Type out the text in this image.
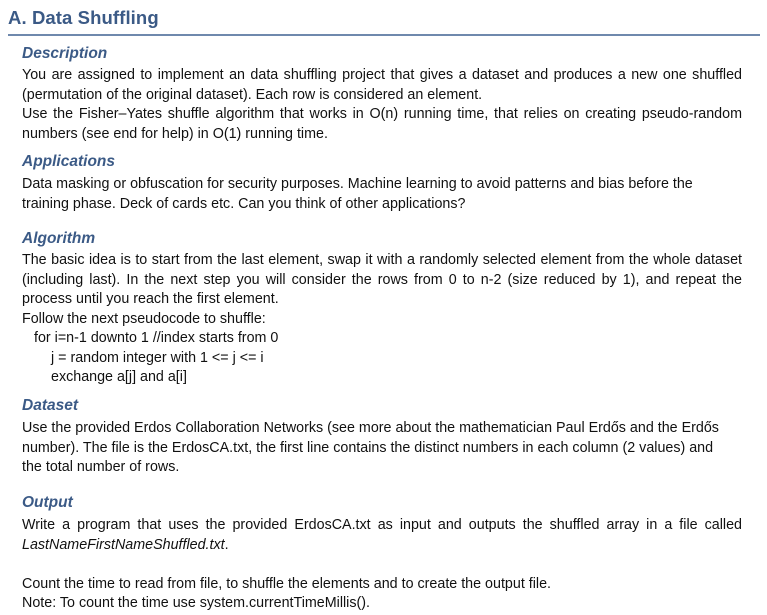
A. Data Shuffling
Description

You are assigned to implement an data shuffling project that gives a dataset and produces a new one shuffled (permutation of the original dataset). Each row is considered an element.

Use the Fisher–Yates shuffle algorithm that works in O(n) running time, that relies on creating pseudo-random numbers (see end for help) in O(1) running time.

Applications

Data masking or obfuscation for security purposes. Machine learning to avoid patterns and bias before the training phase. Deck of cards etc. Can you think of other applications?

Algorithm

The basic idea is to start from the last element, swap it with a randomly selected element from the whole dataset (including last). In the next step you will consider the rows from 0 to n-2 (size reduced by 1), and repeat the process until you reach the first element.

Follow the next pseudocode to shuffle:

for i=n-1 downto 1 //index starts from 0
j = random integer with 1 <= j <= i
exchange a[j] and a[i]
Dataset

Use the provided Erdos Collaboration Networks (see more about the mathematician Paul Erdős and the Erdős number). The file is the ErdosCA.txt, the first line contains the distinct numbers in each column (2 values) and the total number of rows.

Output

Write a program that uses the provided ErdosCA.txt as input and outputs the shuffled array in a file called LastNameFirstNameShuffled.txt.

Count the time to read from file, to shuffle the elements and to create the output file.

Note: To count the time use system.currentTimeMillis().
